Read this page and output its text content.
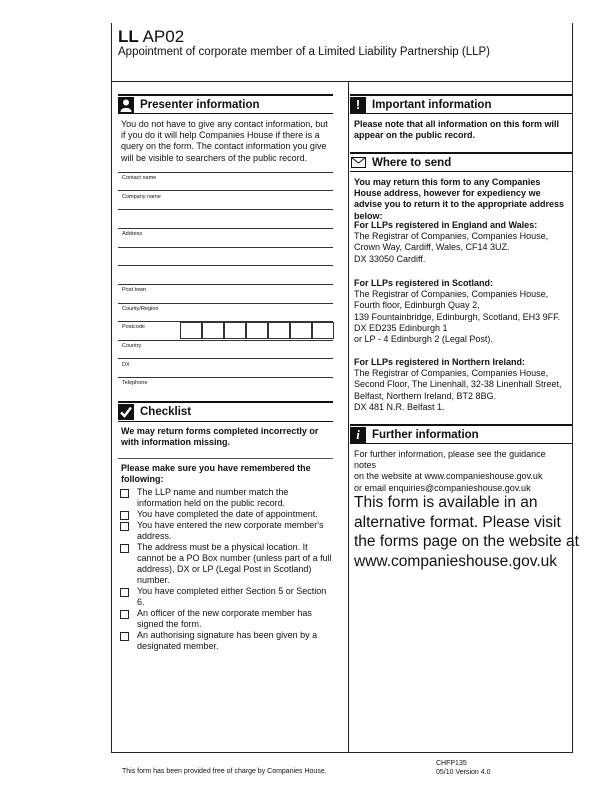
LL AP02
Appointment of corporate member of a Limited Liability Partnership (LLP)
Presenter information
You do not have to give any contact information, but if you do it will help Companies House if there is a query on the form. The contact information you give will be visible to searchers of the public record.
Contact name
Company name
Address
Post town
County/Region
Postcode
Country
DX
Telephone
Checklist
We may return forms completed incorrectly or with information missing.
Please make sure you have remembered the following:
The LLP name and number match the information held on the public record.
You have completed the date of appointment.
You have entered the new corporate member's address.
The address must be a physical location. It cannot be a PO Box number (unless part of a full address), DX or LP (Legal Post in Scotland) number.
You have completed either Section 5 or Section 6.
An officer of the new corporate member has signed the form.
An authorising signature has been given by a designated member.
!	Important information
Please note that all information on this form will appear on the public record.
Where to send
You may return this form to any Companies House address, however for expediency we advise you to return it to the appropriate address below:
For LLPs registered in England and Wales:
The Registrar of Companies, Companies House,
Crown Way, Cardiff, Wales, CF14 3UZ.
DX 33050 Cardiff.
For LLPs registered in Scotland:
The Registrar of Companies, Companies House,
Fourth floor, Edinburgh Quay 2,
139 Fountainbridge, Edinburgh, Scotland, EH3 9FF.
DX ED235 Edinburgh 1
or LP - 4 Edinburgh 2 (Legal Post).
For LLPs registered in Northern Ireland:
The Registrar of Companies, Companies House,
Second Floor, The Linenhall, 32-38 Linenhall Street,
Belfast, Northern Ireland, BT2 8BG.
DX 481 N.R. Belfast 1.
i	Further information
For further information, please see the guidance notes
on the website at www.companieshouse.gov.uk
or email enquiries@companieshouse.gov.uk
This form is available in an alternative format. Please visit the forms page on the website at www.companieshouse.gov.uk
This form has been provided free of charge by Companies House.
CHFP135
05/10 Version 4.0
